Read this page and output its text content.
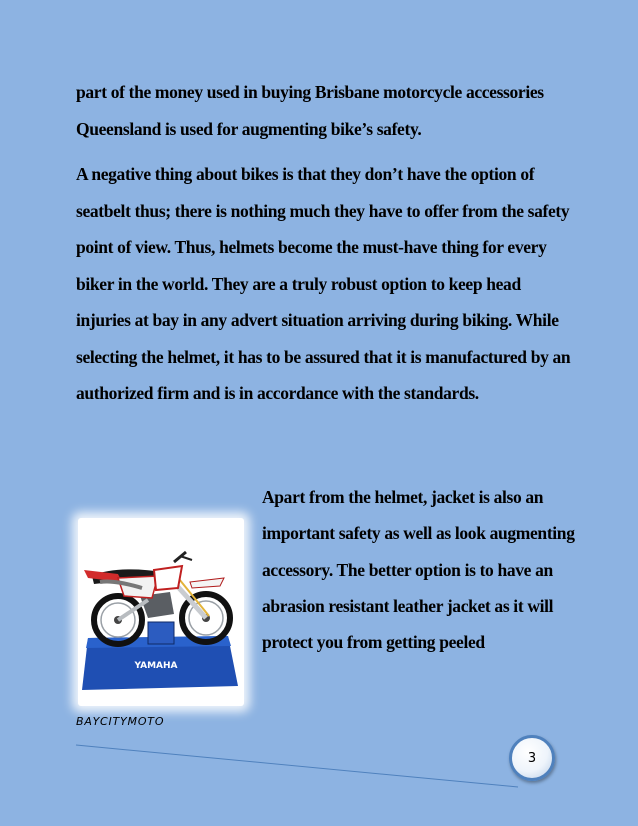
part of the money used in buying Brisbane motorcycle accessories Queensland is used for augmenting bike’s safety.

A negative thing about bikes is that they don’t have the option of seatbelt thus; there is nothing much they have to offer from the safety point of view. Thus, helmets become the must-have thing for every biker in the world. They are a truly robust option to keep head injuries at bay in any advert situation arriving during biking. While selecting the helmet, it has to be assured that it is manufactured by an authorized firm and is in accordance with the standards.

YAMAHA

Apart from the helmet, jacket is also an important safety as well as look augmenting accessory. The better option is to have an abrasion resistant leather jacket as it will protect you from getting peeled

BAYCITYMOTO
3
